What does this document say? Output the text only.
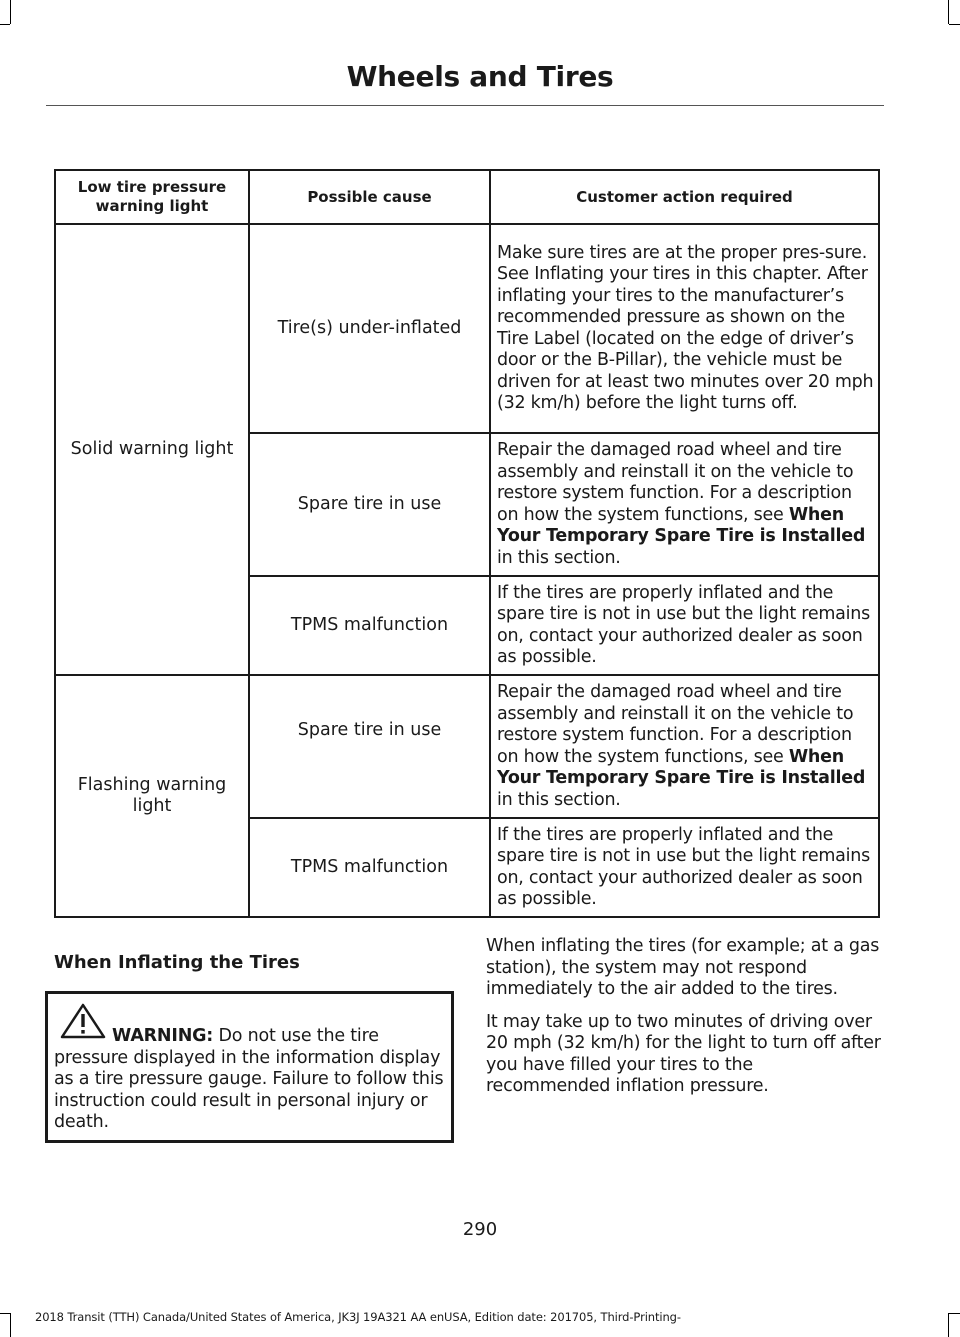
Wheels and Tires
Low tire pressure warning light	Possible cause	Customer action required
Solid warning light	Tire(s) under-inflated	Make sure tires are at the proper pres-sure. See Inflating your tires in this chapter. After inflating your tires to the manufacturer’s recommended pressure as shown on the Tire Label (located on the edge of driver’s door or the B-Pillar), the vehicle must be driven for at least two minutes over 20 mph (32 km/h) before the light turns off.
	Spare tire in use	Repair the damaged road wheel and tire assembly and reinstall it on the vehicle to restore system function. For a description on how the system functions, see When Your Temporary Spare Tire is Installed in this section.
	TPMS malfunction	If the tires are properly inflated and the spare tire is not in use but the light remains on, contact your authorized dealer as soon as possible.
Flashing warning light	Spare tire in use	Repair the damaged road wheel and tire assembly and reinstall it on the vehicle to restore system function. For a description on how the system functions, see When Your Temporary Spare Tire is Installed in this section.
	TPMS malfunction	If the tires are properly inflated and the spare tire is not in use but the light remains on, contact your authorized dealer as soon as possible.
When Inflating the Tires
WARNING: Do not use the tire pressure displayed in the information display as a tire pressure gauge. Failure to follow this instruction could result in personal injury or death.

When inflating the tires (for example; at a gas station), the system may not respond immediately to the air added to the tires.

It may take up to two minutes of driving over 20 mph (32 km/h) for the light to turn off after you have filled your tires to the recommended inflation pressure.

290
2018 Transit (TTH) Canada/United States of America, JK3J 19A321 AA enUSA, Edition date: 201705, Third-Printing-
